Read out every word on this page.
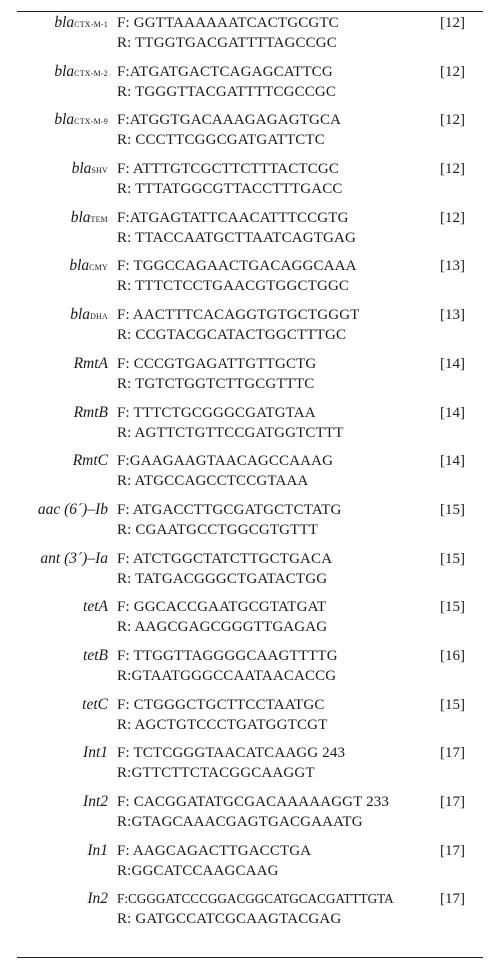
blaCTX-M-1 F: GGTTAAAAAATCACTGCGTC
R: TTGGTGACGATTTTAGCCGC
[12]
blaCTX-M-2 F:ATGATGACTCAGAGCATTCG
R: TGGGTTACGATTTTCGCCGC
[12]
blaCTX-M-9 F:ATGGTGACAAAGAGAGTGCA
R: CCCTTCGGCGATGATTCTC
[12]
blaSHV F: ATTTGTCGCTTCTTTACTCGC
R: TTTATGGCGTTACCTTTGACC
[12]
blaTEM F:ATGAGTATTCAACATTTCCGTG
R: TTACCAATGCTTAATCAGTGAG
[12]
blaCMY F: TGGCCAGAACTGACAGGCAAA
R: TTTCTCCTGAACGTGGCTGGC
[13]
blaDHA F: AACTTTCACAGGTGTGCTGGGT
R: CCGTACGCATACTGGCTTTGC
[13]
RmtA F: CCCGTGAGATTGTTGCTG
R: TGTCTGGTCTTGCGTTTC
[14]
RmtB F: TTTCTGCGGGCGATGTAA
R: AGTTCTGTTCCGATGGTCTTT
[14]
RmtC F:GAAGAAGTAACAGCCAAAG
R: ATGCCAGCCTCCGTAAA
[14]
aac (6´)–Ib F: ATGACCTTGCGATGCTCTATG
R: CGAATGCCTGGCGTGTTT
[15]
ant (3´)–Ia F: ATCTGGCTATCTTGCTGACA
R: TATGACGGGCTGATACTGG
[15]
tetA F: GGCACCGAATGCGTATGAT
R: AAGCGAGCGGGTTGAGAG
[15]
tetB F: TTGGTTAGGGGCAAGTTTTG
R:GTAATGGGCCAATAACACCG
[16]
tetC F: CTGGGCTGCTTCCTAATGC
R: AGCTGTCCCTGATGGTCGT
[15]
Int1 F: TCTCGGGTAACATCAAGG 243
R:GTTCTTCTACGGCAAGGT
[17]
Int2 F: CACGGATATGCGACAAAAAGGT 233
R:GTAGCAAACGAGTGACGAAATG
[17]
In1 F: AAGCAGACTTGACCTGA
R:GGCATCCAAGCAAG
[17]
In2 F:CGGGATCCCGGACGGCATGCACGATTTGTA
R: GATGCCATCGCAAGTACGAG
[17]
